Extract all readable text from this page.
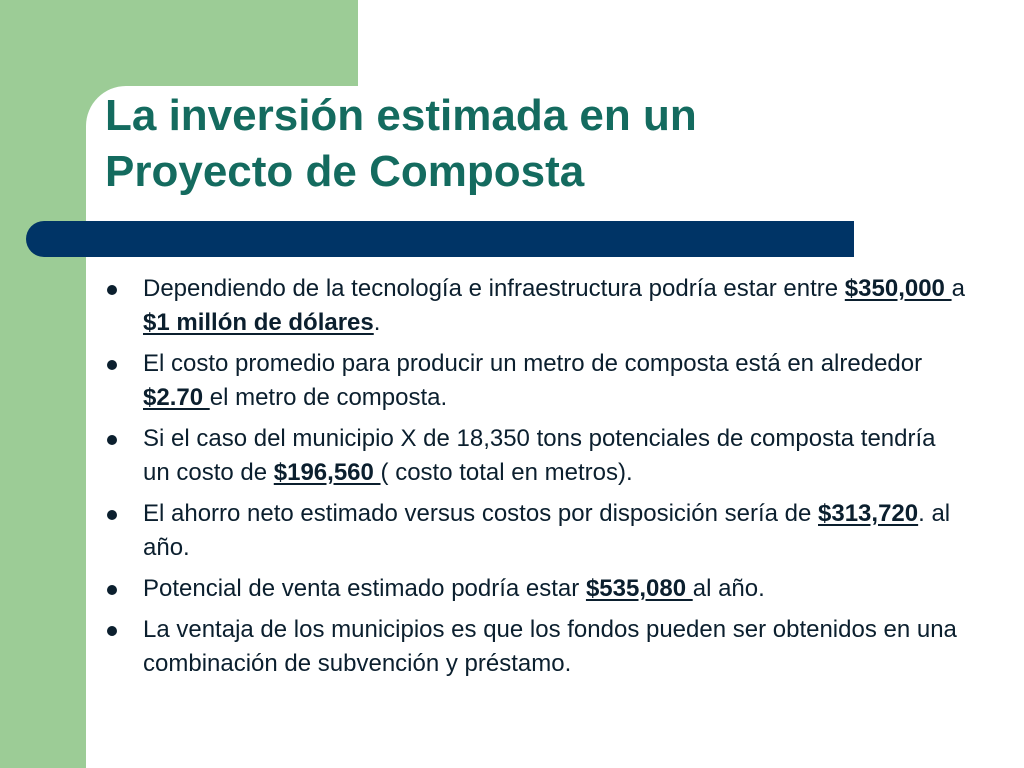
La inversión estimada en un
Proyecto de Composta
Dependiendo de la tecnología e infraestructura podría estar entre $350,000 a $1 millón de dólares.
El costo promedio para producir un metro de composta está en alrededor $2.70 el metro de composta.
Si el caso del municipio X de 18,350 tons potenciales de composta tendría un costo de $196,560 ( costo total en metros).
El ahorro neto estimado versus costos por disposición sería de $313,720. al año.
Potencial de venta estimado podría estar $535,080 al año.
La ventaja de los municipios es que los fondos pueden ser obtenidos en una combinación de subvención y préstamo.
